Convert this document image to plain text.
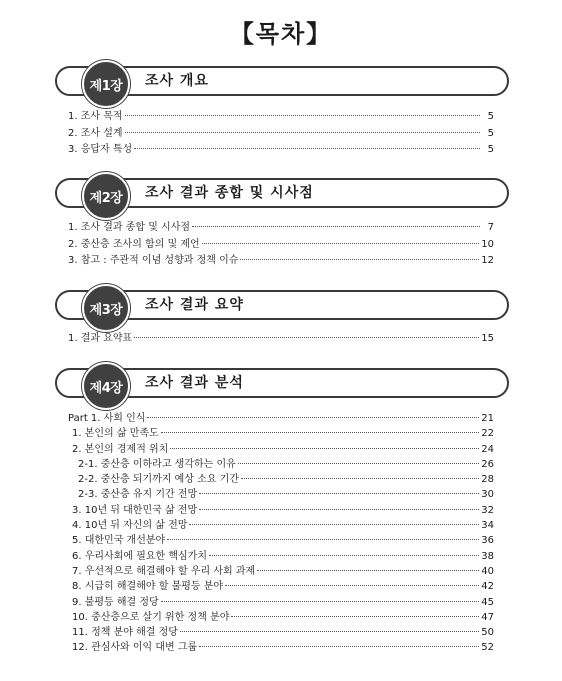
【목차】
제1장	조사 개요
1. 조사 목적	5
2. 조사 설계	5
3. 응답자 특성	5
제2장	조사 결과 종합 및 시사점
1. 조사 결과 종합 및 시사점	7
2. 중산층 조사의 함의 및 제언	10
3. 참고 : 주관적 이념 성향과 정책 이슈	12
제3장	조사 결과 요약
1. 결과 요약표	15
제4장	조사 결과 분석
Part 1. 사회 인식	21
1. 본인의 삶 만족도	22
2. 본인의 경제적 위치	24
2-1. 중산층 이하라고 생각하는 이유	26
2-2. 중산층 되기까지 예상 소요 기간	28
2-3. 중산층 유지 기간 전망	30
3. 10년 뒤 대한민국 삶 전망	32
4. 10년 뒤 자신의 삶 전망	34
5. 대한민국 개선분야	36
6. 우리사회에 필요한 핵심가치	38
7. 우선적으로 해결해야 할 우리 사회 과제	40
8. 시급히 해결해야 할 불평등 분야	42
9. 불평등 해결 정당	45
10. 중산층으로 살기 위한 정책 분야	47
11. 정책 분야 해결 정당	50
12. 관심사와 이익 대변 그룹	52
